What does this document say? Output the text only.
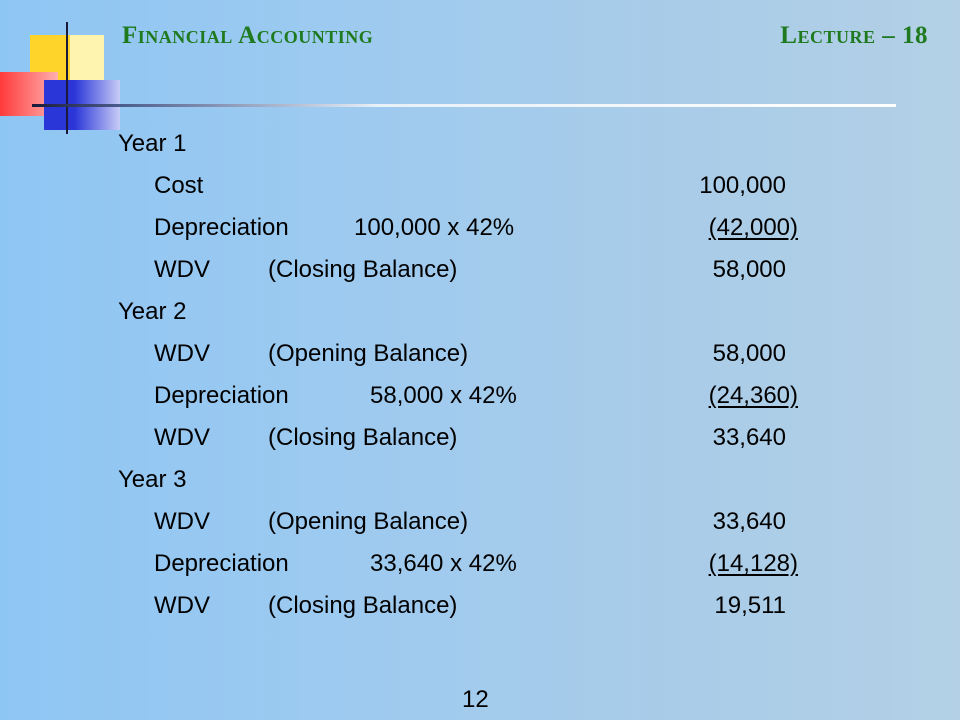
Financial Accounting	Lecture – 18
Year 1
Cost	100,000
Depreciation	100,000 x 42%	(42,000)
WDV (Closing Balance)	58,000
Year 2
WDV (Opening Balance)	58,000
Depreciation	58,000 x 42%	(24,360)
WDV (Closing Balance)	33,640
Year 3
WDV (Opening Balance)	33,640
Depreciation	33,640 x 42%	(14,128)
WDV (Closing Balance)	19,511
12
